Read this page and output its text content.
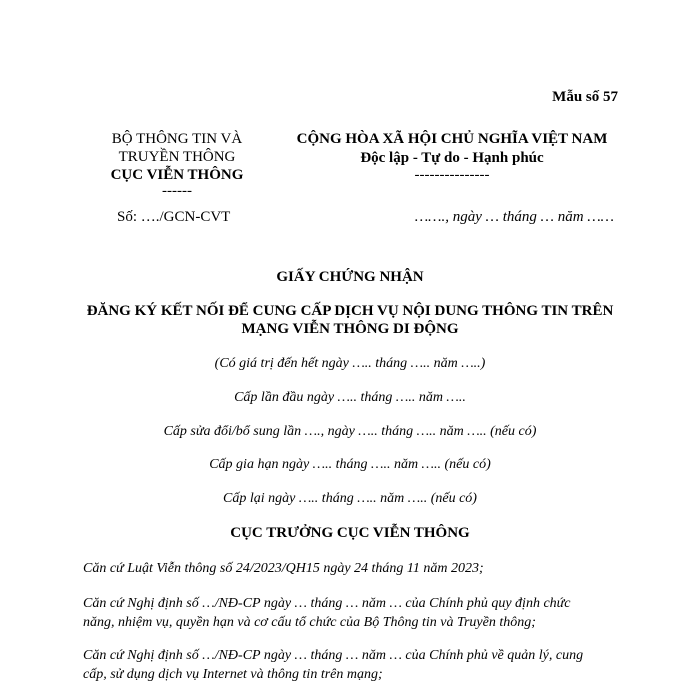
Mẫu số 57
BỘ THÔNG TIN VÀ
TRUYỀN THÔNG
CỤC VIỄN THÔNG
------
Số: …./GCN-CVT
CỘNG HÒA XÃ HỘI CHỦ NGHĨA VIỆT NAM
Độc lập - Tự do - Hạnh phúc
---------------
……., ngày … tháng … năm ……
GIẤY CHỨNG NHẬN
ĐĂNG KÝ KẾT NỐI ĐỂ CUNG CẤP DỊCH VỤ NỘI DUNG THÔNG TIN TRÊN
MẠNG VIỄN THÔNG DI ĐỘNG
(Có giá trị đến hết ngày ….. tháng ….. năm …..)
Cấp lần đầu ngày ….. tháng ….. năm …..
Cấp sửa đổi/bổ sung lần …., ngày ….. tháng ….. năm ….. (nếu có)
Cấp gia hạn ngày ….. tháng ….. năm ….. (nếu có)
Cấp lại ngày ….. tháng ….. năm ….. (nếu có)
CỤC TRƯỞNG CỤC VIỄN THÔNG
Căn cứ Luật Viễn thông số 24/2023/QH15 ngày 24 tháng 11 năm 2023;
Căn cứ Nghị định số …/NĐ-CP ngày … tháng … năm … của Chính phủ quy định chức
năng, nhiệm vụ, quyền hạn và cơ cấu tổ chức của Bộ Thông tin và Truyền thông;
Căn cứ Nghị định số …/NĐ-CP ngày … tháng … năm … của Chính phủ về quản lý, cung
cấp, sử dụng dịch vụ Internet và thông tin trên mạng;
